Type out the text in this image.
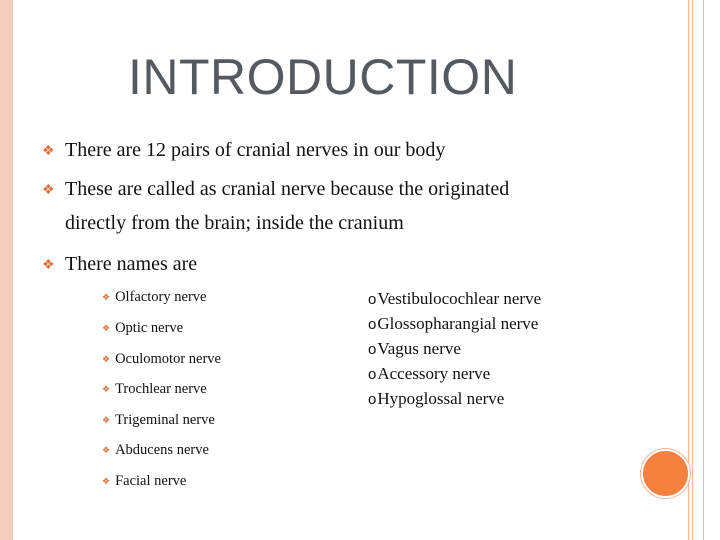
INTRODUCTION
❖ There are 12 pairs of cranial nerves in our body
❖ These are called as cranial nerve because the originated
directly from the brain; inside the cranium
❖ There names are
❖ Olfactory nerve
❖ Optic nerve
❖ Oculomotor nerve
❖ Trochlear nerve
❖ Trigeminal nerve
❖ Abducens nerve
❖ Facial nerve
oVestibulocochlear nerve
oGlossopharangial nerve
oVagus nerve
oAccessory nerve
oHypoglossal nerve
